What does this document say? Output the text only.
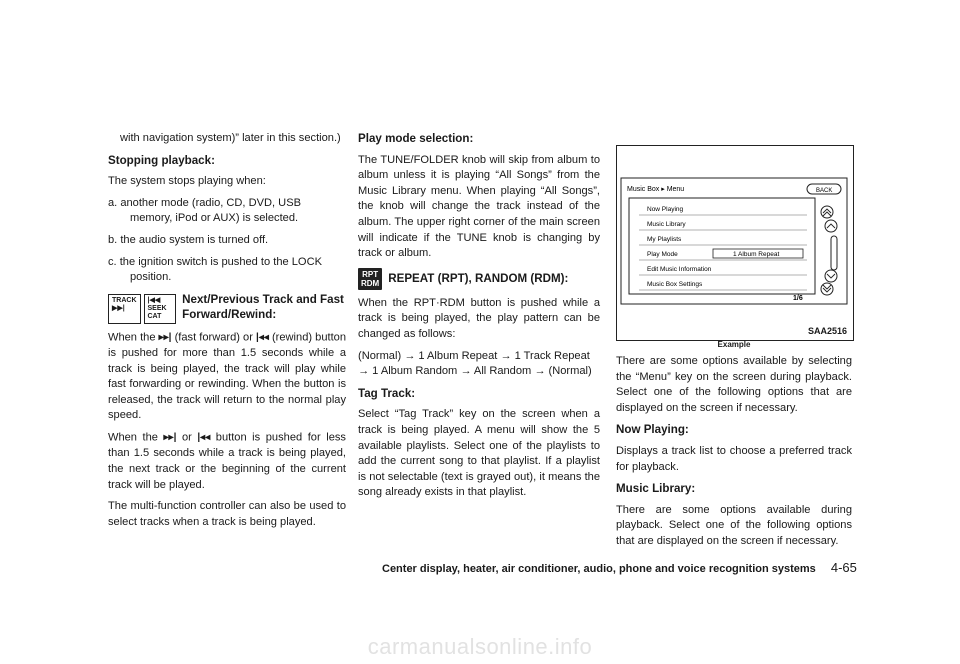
with navigation system)” later in this section.)

Stopping playback:

The system stops playing when:

a. another mode (radio, CD, DVD, USB memory, iPod or AUX) is selected.

b. the audio system is turned off.

c. the ignition switch is pushed to the LOCK position.

TRACK ▶▶|
|◀◀ SEEK CAT

Next/Previous Track and Fast Forward/Rewind:

When the ▸▸| (fast forward) or |◂◂ (rewind) button is pushed for more than 1.5 seconds while a track is being played, the track will play while fast forwarding or rewinding. When the button is released, the track will return to the normal play speed.

When the ▸▸| or |◂◂ button is pushed for less than 1.5 seconds while a track is being played, the next track or the beginning of the current track will be played.

The multi-function controller can also be used to select tracks when a track is being played.

Play mode selection:

The TUNE/FOLDER knob will skip from album to album unless it is playing “All Songs” from the Music Library menu. When playing “All Songs”, the knob will change the track instead of the album. The upper right corner of the main screen will indicate if the TUNE knob is changing by track or album.

RPT
RDM REPEAT (RPT), RANDOM (RDM):

When the RPT·RDM button is pushed while a track is being played, the play pattern can be changed as follows:

(Normal) → 1 Album Repeat → 1 Track Repeat → 1 Album Random → All Random → (Normal)

Tag Track:

Select “Tag Track” key on the screen when a track is being played. A menu will show the 5 available playlists. Select one of the playlists to add the current song to that playlist. If a playlist is not selectable (text is grayed out), it means the song already exists in that playlist.

Music Box ▸ Menu	BACK
Now Playing
Music Library
My Playlists
Play Mode	1 Album Repeat
Edit Music Information
Music Box Settings
1/6
SAA2516
Example

There are some options available by selecting the “Menu” key on the screen during playback. Select one of the following options that are displayed on the screen if necessary.

Now Playing:

Displays a track list to choose a preferred track for playback.

Music Library:

There are some options available during playback. Select one of the following options that are displayed on the screen if necessary.

Center display, heater, air conditioner, audio, phone and voice recognition systems 4-65
carmanualsonline.info
